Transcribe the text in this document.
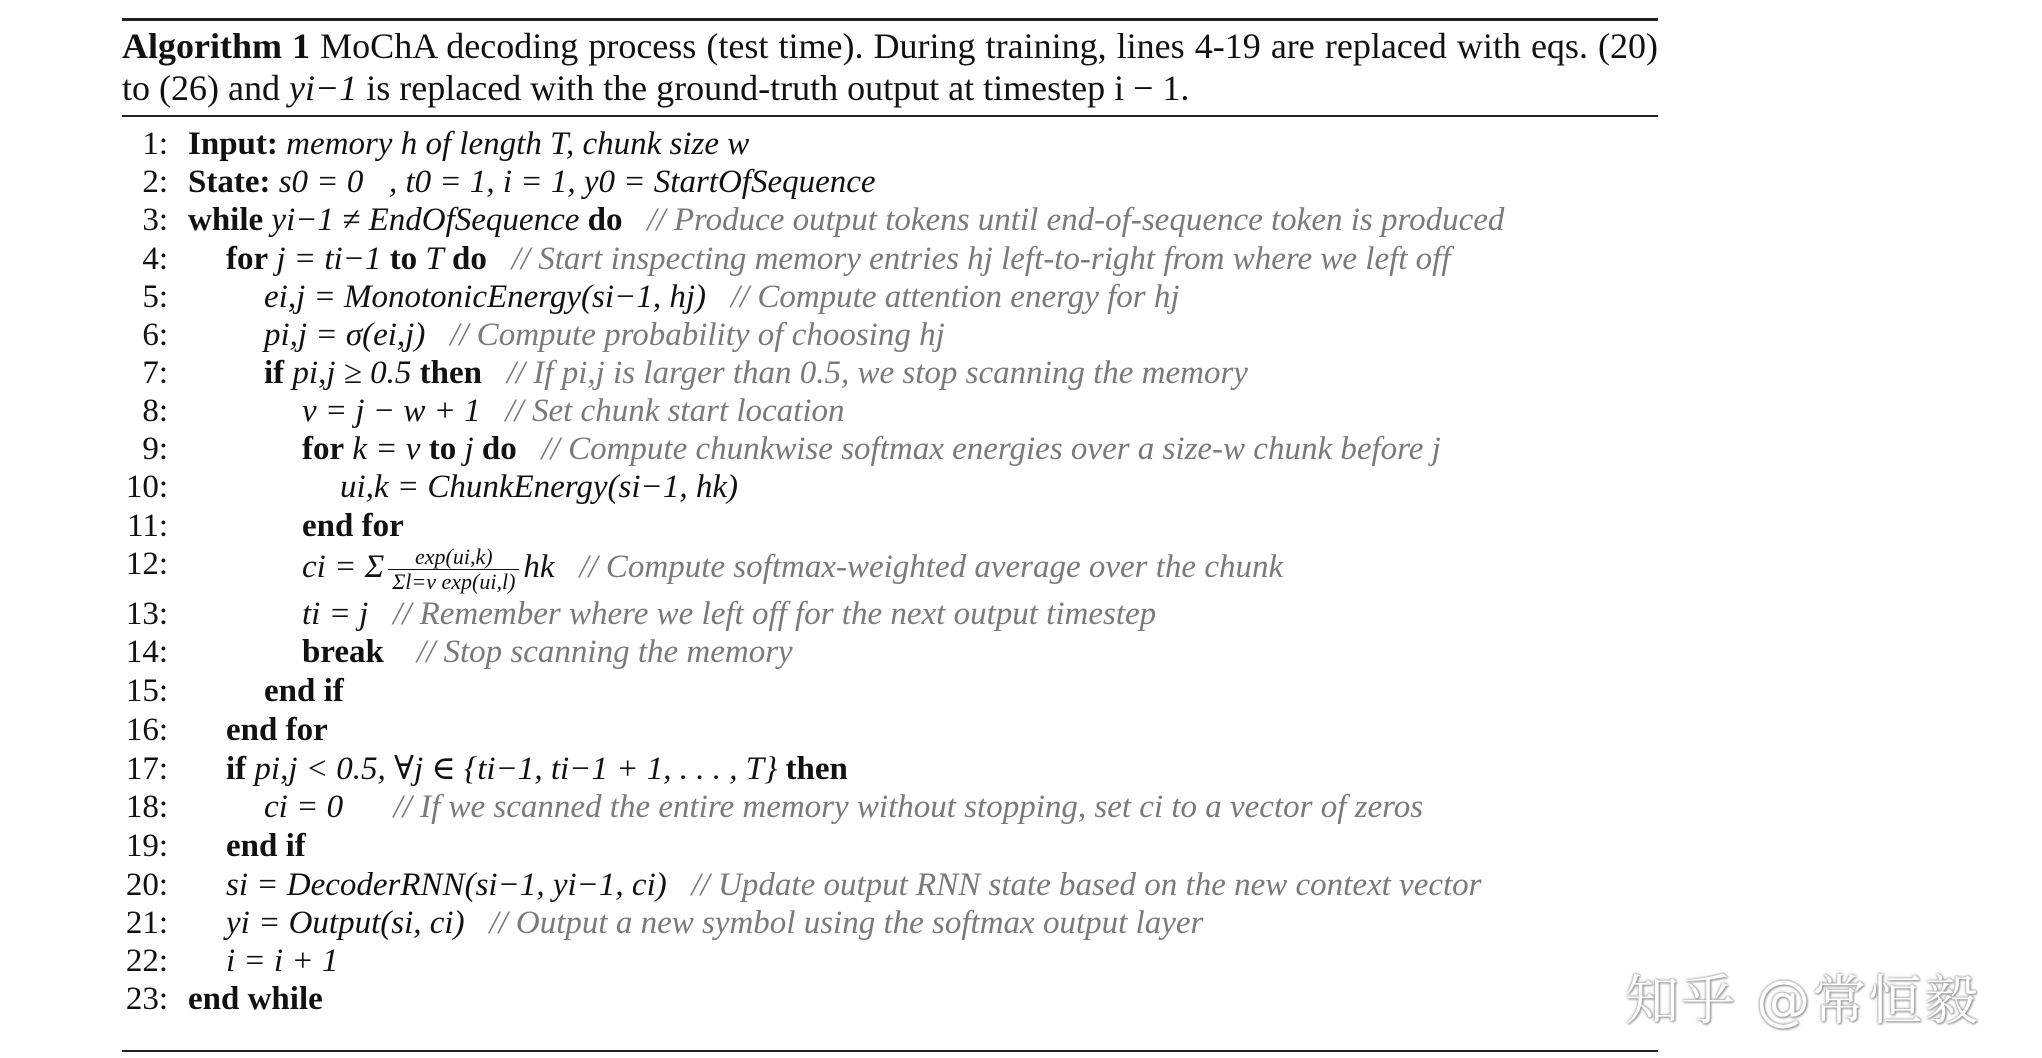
Algorithm 1 MoChA decoding process (test time). During training, lines 4-19 are replaced with eqs. (20) to (26) and yi−1 is replaced with the ground-truth output at timestep i − 1.
1: Input: memory h of length T, chunk size w
2: State: s0 = 0⃗, t0 = 1, i = 1, y0 = StartOfSequence
3: while yi−1 ≠ EndOfSequence do // Produce output tokens until end-of-sequence token is produced
4: for j = ti−1 to T do // Start inspecting memory entries hj left-to-right from where we left off
5:	ei,j = MonotonicEnergy(si−1, hj) // Compute attention energy for hj
6:	pi,j = σ(ei,j) // Compute probability of choosing hj
7:	if pi,j ≥ 0.5 then // If pi,j is larger than 0.5, we stop scanning the memory
8:	v = j − w + 1 // Set chunk start location
9:	for k = v to j do // Compute chunkwise softmax energies over a size-w chunk before j
10:	ui,k = ChunkEnergy(si−1, hk)
11:	end for
12:	ci = Σ $\frac{\exp(ui,k)}{\text{Σl=v exp(ui,l)}}$ hk // Compute softmax-weighted average over the chunk
13:	ti = j // Remember where we left off for the next output timestep
14:	break // Stop scanning the memory
15:	end if
16: end for
17: if pi,j < 0.5, ∀j ∈ {ti−1, ti−1 + 1, . . . , T} then
18:	ci = 0⃗ // If we scanned the entire memory without stopping, set ci to a vector of zeros
19: end if
20: si = DecoderRNN(si−1, yi−1, ci) // Update output RNN state based on the new context vector
21: yi = Output(si, ci) // Output a new symbol using the softmax output layer
22: i = i + 1
23: end while	知乎 @常恒毅
